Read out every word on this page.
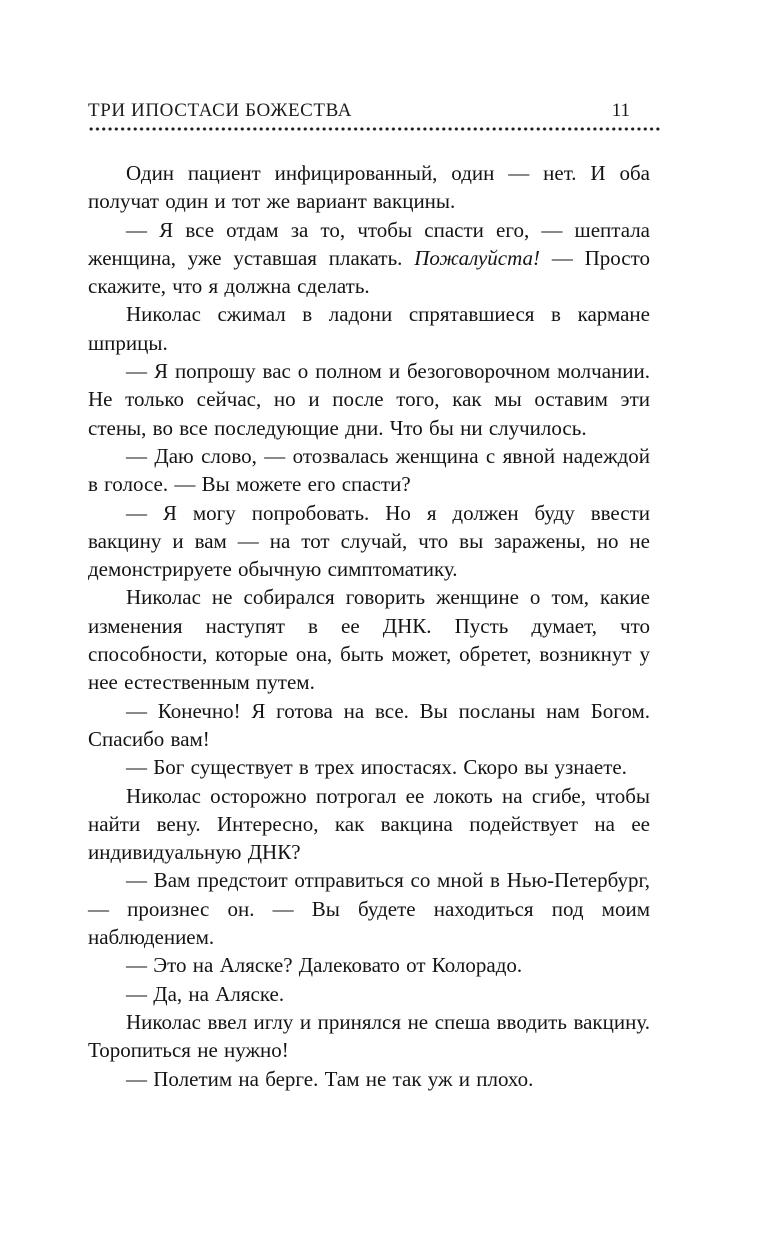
ТРИ ИПОСТАСИ БОЖЕСТВА	11

Один пациент инфицированный, один — нет. И оба получат один и тот же вариант вакцины.

— Я все отдам за то, чтобы спасти его, — шептала женщина, уже уставшая плакать. Пожалуйста! — Просто скажите, что я должна сделать.

Николас сжимал в ладони спрятавшиеся в кармане шприцы.

— Я попрошу вас о полном и безоговорочном молчании. Не только сейчас, но и после того, как мы оставим эти стены, во все последующие дни. Что бы ни случилось.

— Даю слово, — отозвалась женщина с явной надеждой в голосе. — Вы можете его спасти?

— Я могу попробовать. Но я должен буду ввести вакцину и вам — на тот случай, что вы заражены, но не демонстрируете обычную симптоматику.

Николас не собирался говорить женщине о том, какие изменения наступят в ее ДНК. Пусть думает, что способности, которые она, быть может, обретет, возникнут у нее естественным путем.

— Конечно! Я готова на все. Вы посланы нам Богом. Спасибо вам!

— Бог существует в трех ипостасях. Скоро вы узнаете.

Николас осторожно потрогал ее локоть на сгибе, чтобы найти вену. Интересно, как вакцина подействует на ее индивидуальную ДНК?

— Вам предстоит отправиться со мной в Нью-Петербург, — произнес он. — Вы будете находиться под моим наблюдением.

— Это на Аляске? Далековато от Колорадо.

— Да, на Аляске.

Николас ввел иглу и принялся не спеша вводить вакцину. Торопиться не нужно!

— Полетим на берге. Там не так уж и плохо.
